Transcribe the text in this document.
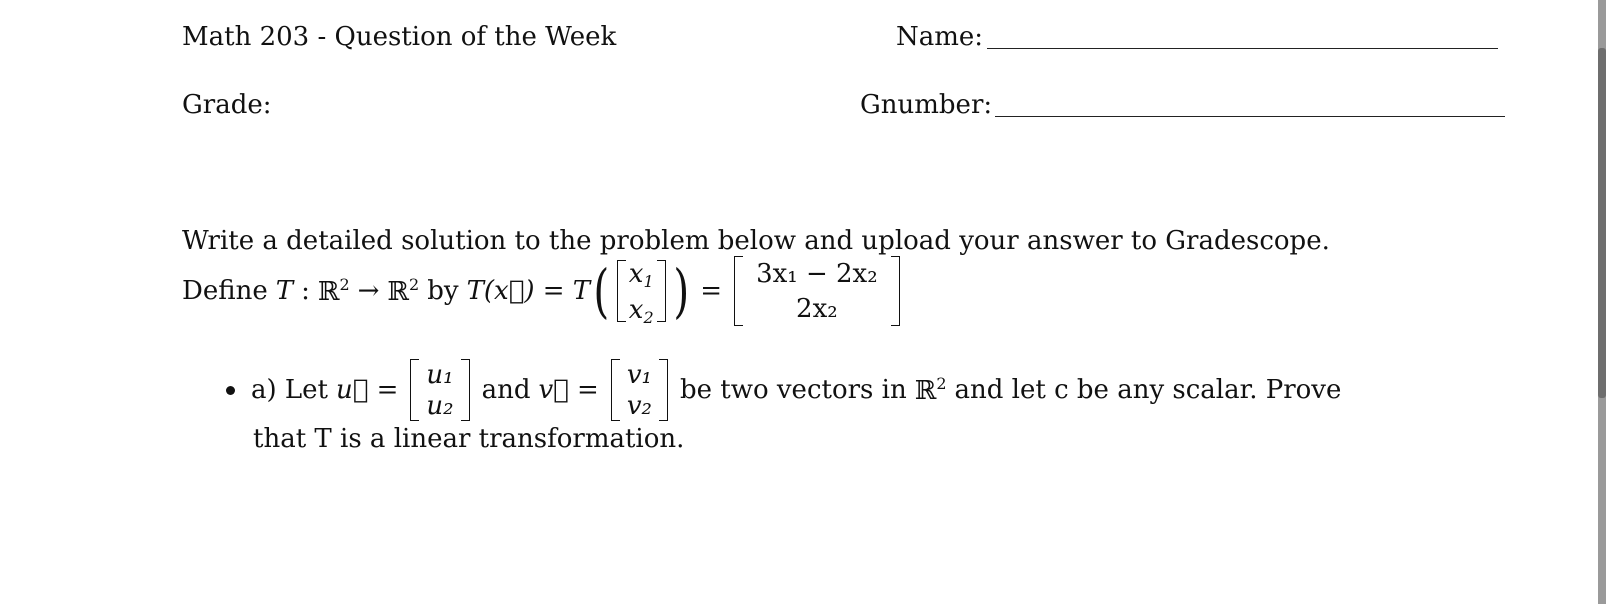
Math 203 - Question of the Week	Name:
Grade:	Gnumber:
Write a detailed solution to the problem below and upload your answer to Gradescope.
Define T : ℝ$^2$ → ℝ$^2$ by T(x⃗) = T ( $x_1$
$x_2$ ) =
3x₁ − 2x₂
2x₂
a) Let u⃗ =
u₁
u₂
and v⃗ =
v₁
v₂
be two vectors in ℝ$^2$ and let c be any scalar. Prove
that T is a linear transformation.
